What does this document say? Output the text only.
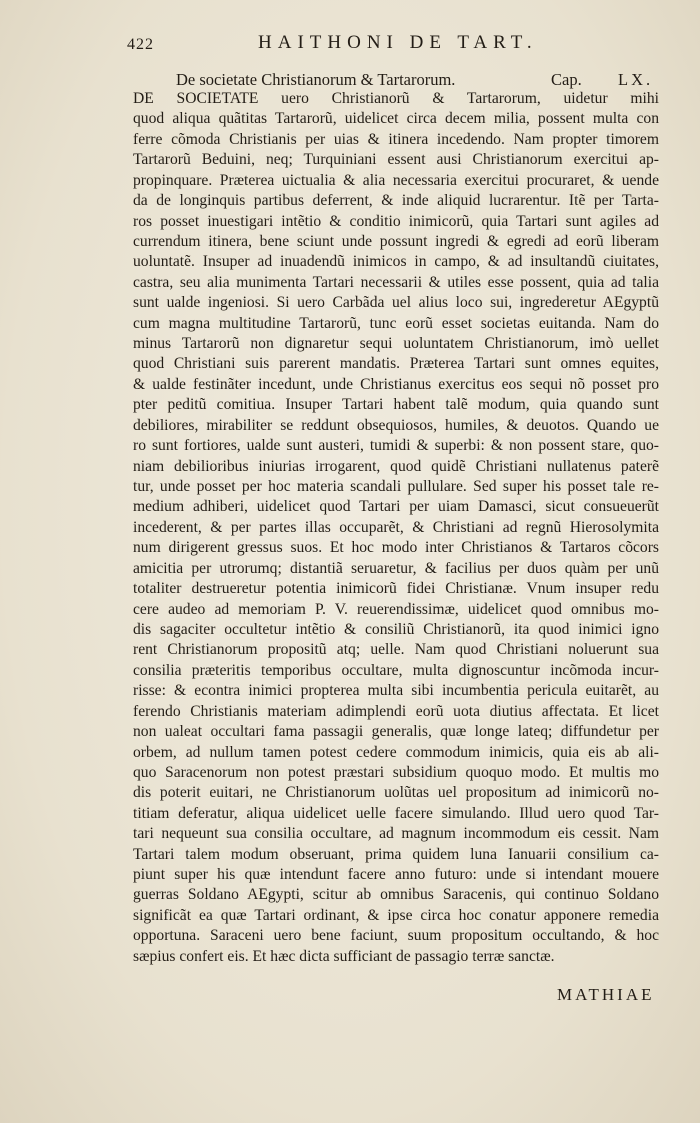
422	HAITHONI DE TART.
De societate Christianorum & Tartarorum.	Cap. LX.
DE SOCIETATE uero Christianorũ & Tartarorum, uidetur mihi
quod aliqua quãtitas Tartarorũ, uidelicet circa decem milia, possent multa con
ferre cõmoda Christianis per uias & itinera incedendo. Nam propter timorem
Tartarorũ Beduini, neq; Turquiniani essent ausi Christianorum exercitui ap-
propinquare. Præterea uictualia & alia necessaria exercitui procuraret, & uende
da de longinquis partibus deferrent, & inde aliquid lucrarentur. Itẽ per Tarta-
ros posset inuestigari intẽtio & conditio inimicorũ, quia Tartari sunt agiles ad
currendum itinera, bene sciunt unde possunt ingredi & egredi ad eorũ liberam
uoluntatẽ. Insuper ad inuadendũ inimicos in campo, & ad insultandũ ciuitates,
castra, seu alia munimenta Tartari necessarii & utiles esse possent, quia ad talia
sunt ualde ingeniosi. Si uero Carbãda uel alius loco sui, ingrederetur AEgyptũ
cum magna multitudine Tartarorũ, tunc eorũ esset societas euitanda. Nam do
minus Tartarorũ non dignaretur sequi uoluntatem Christianorum, imò uellet
quod Christiani suis parerent mandatis. Præterea Tartari sunt omnes equites,
& ualde festinãter incedunt, unde Christianus exercitus eos sequi nõ posset pro
pter peditũ comitiua. Insuper Tartari habent talẽ modum, quia quando sunt
debiliores, mirabiliter se reddunt obsequiosos, humiles, & deuotos. Quando ue
ro sunt fortiores, ualde sunt austeri, tumidi & superbi: & non possent stare, quo-
niam debilioribus iniurias irrogarent, quod quidẽ Christiani nullatenus paterẽ
tur, unde posset per hoc materia scandali pullulare. Sed super his posset tale re-
medium adhiberi, uidelicet quod Tartari per uiam Damasci, sicut consueuerũt
incederent, & per partes illas occuparẽt, & Christiani ad regnũ Hierosolymita
num dirigerent gressus suos. Et hoc modo inter Christianos & Tartaros cõcors
amicitia per utrorumq; distantiã seruaretur, & facilius per duos quàm per unũ
totaliter destrueretur potentia inimicorũ fidei Christianæ. Vnum insuper redu
cere audeo ad memoriam P. V. reuerendissimæ, uidelicet quod omnibus mo-
dis sagaciter occultetur intẽtio & consiliũ Christianorũ, ita quod inimici igno
rent Christianorum propositũ atq; uelle. Nam quod Christiani noluerunt sua
consilia præteritis temporibus occultare, multa dignoscuntur incõmoda incur-
risse: & econtra inimici propterea multa sibi incumbentia pericula euitarẽt, au
ferendo Christianis materiam adimplendi eorũ uota diutius affectata. Et licet
non ualeat occultari fama passagii generalis, quæ longe lateq; diffundetur per
orbem, ad nullum tamen potest cedere commodum inimicis, quia eis ab ali-
quo Saracenorum non potest præstari subsidium quoquo modo. Et multis mo
dis poterit euitari, ne Christianorum uolũtas uel propositum ad inimicorũ no-
titiam deferatur, aliqua uidelicet uelle facere simulando. Illud uero quod Tar-
tari nequeunt sua consilia occultare, ad magnum incommodum eis cessit. Nam
Tartari talem modum obseruant, prima quidem luna Ianuarii consilium ca-
piunt super his quæ intendunt facere anno futuro: unde si intendant mouere
guerras Soldano AEgypti, scitur ab omnibus Saracenis, qui continuo Soldano
significãt ea quæ Tartari ordinant, & ipse circa hoc conatur apponere remedia
opportuna. Saraceni uero bene faciunt, suum propositum occultando, & hoc
sæpius confert eis. Et hæc dicta sufficiant de passagio terræ sanctæ.
MATHIAE
